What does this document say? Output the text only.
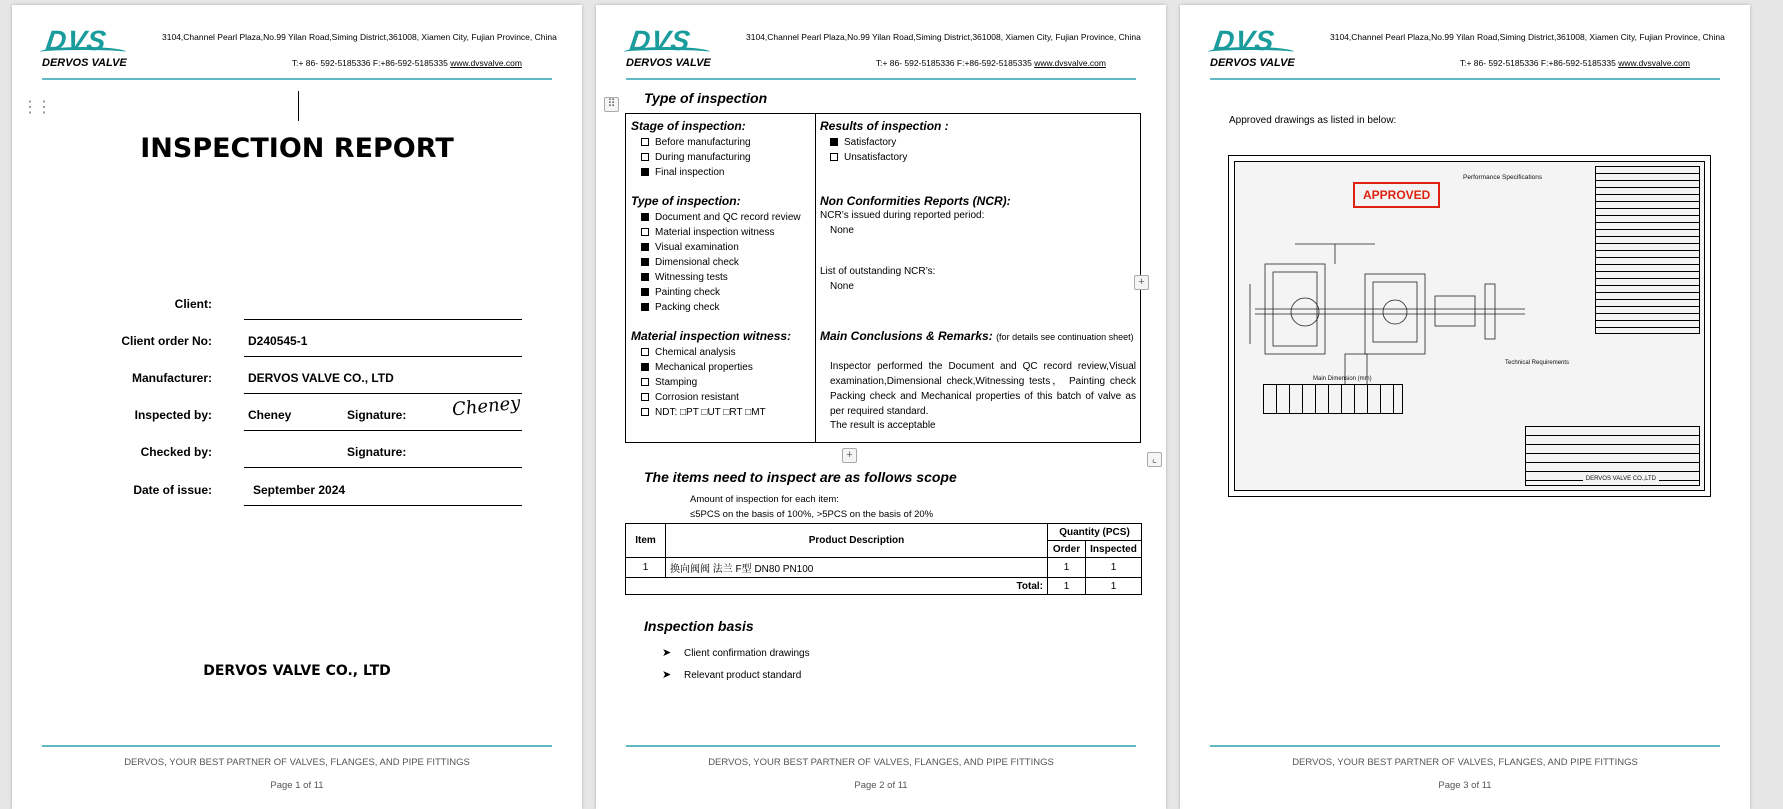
DVS
DERVOS VALVE
3104,Channel Pearl Plaza,No.99 Yilan Road,Siming District,361008, Xiamen City, Fujian Province, China
T:+ 86- 592-5185336 F:+86-592-5185335 www.dvsvalve.com
⋮⋮
INSPECTION REPORT
Client:
Client order No:	D240545-1
Manufacturer:	DERVOS VALVE CO., LTD
Inspected by:	Cheney	Signature: Cheney
Checked by:	Signature:
Date of issue:	September 2024
DERVOS VALVE CO., LTD
DERVOS, YOUR BEST PARTNER OF VALVES, FLANGES, AND PIPE FITTINGS
Page 1 of 11
DVS
DERVOS VALVE
3104,Channel Pearl Plaza,No.99 Yilan Road,Siming District,361008, Xiamen City, Fujian Province, China
T:+ 86- 592-5185336 F:+86-592-5185335 www.dvsvalve.com
⠿ Type of inspection
Stage of inspection:
Before manufacturing
During manufacturing
Final inspection
Type of inspection:
Document and QC record review
Material inspection witness
Visual examination
Dimensional check
Witnessing tests
Painting check
Packing check
Material inspection witness:
Chemical analysis
Mechanical properties
Stamping
Corrosion resistant
NDT: □PT □UT □RT □MT
Results of inspection :
Satisfactory
Unsatisfactory
Non Conformities Reports (NCR):
NCR’s issued during reported period:
None
List of outstanding NCR’s:
None
Main Conclusions & Remarks: (for details see continuation sheet)
Inspector performed the Document and QC record review,Visual examination,Dimensional check,Witnessing tests， Painting check Packing check and Mechanical properties of this batch of valve as per required standard.
The result is acceptable
+
+	⌞
The items need to inspect are as follows scope
Amount of inspection for each item:
≤5PCS on the basis of 100%, >5PCS on the basis of 20%
Item	Product Description	Quantity (PCS)	
		Order	Inspected
1	换向阀阀 法兰 F型 DN80 PN100	1	1
Total:		1	1
Inspection basis
➤ Client confirmation drawings
➤ Relevant product standard
DERVOS, YOUR BEST PARTNER OF VALVES, FLANGES, AND PIPE FITTINGS
Page 2 of 11
DVS
DERVOS VALVE
3104,Channel Pearl Plaza,No.99 Yilan Road,Siming District,361008, Xiamen City, Fujian Province, China
T:+ 86- 592-5185336 F:+86-592-5185335 www.dvsvalve.com
Approved drawings as listed in below:
APPROVED
Performance Specifications
Technical Requirements
Main Dimension (mm)
DERVOS VALVE CO.,LTD
DERVOS, YOUR BEST PARTNER OF VALVES, FLANGES, AND PIPE FITTINGS
Page 3 of 11
